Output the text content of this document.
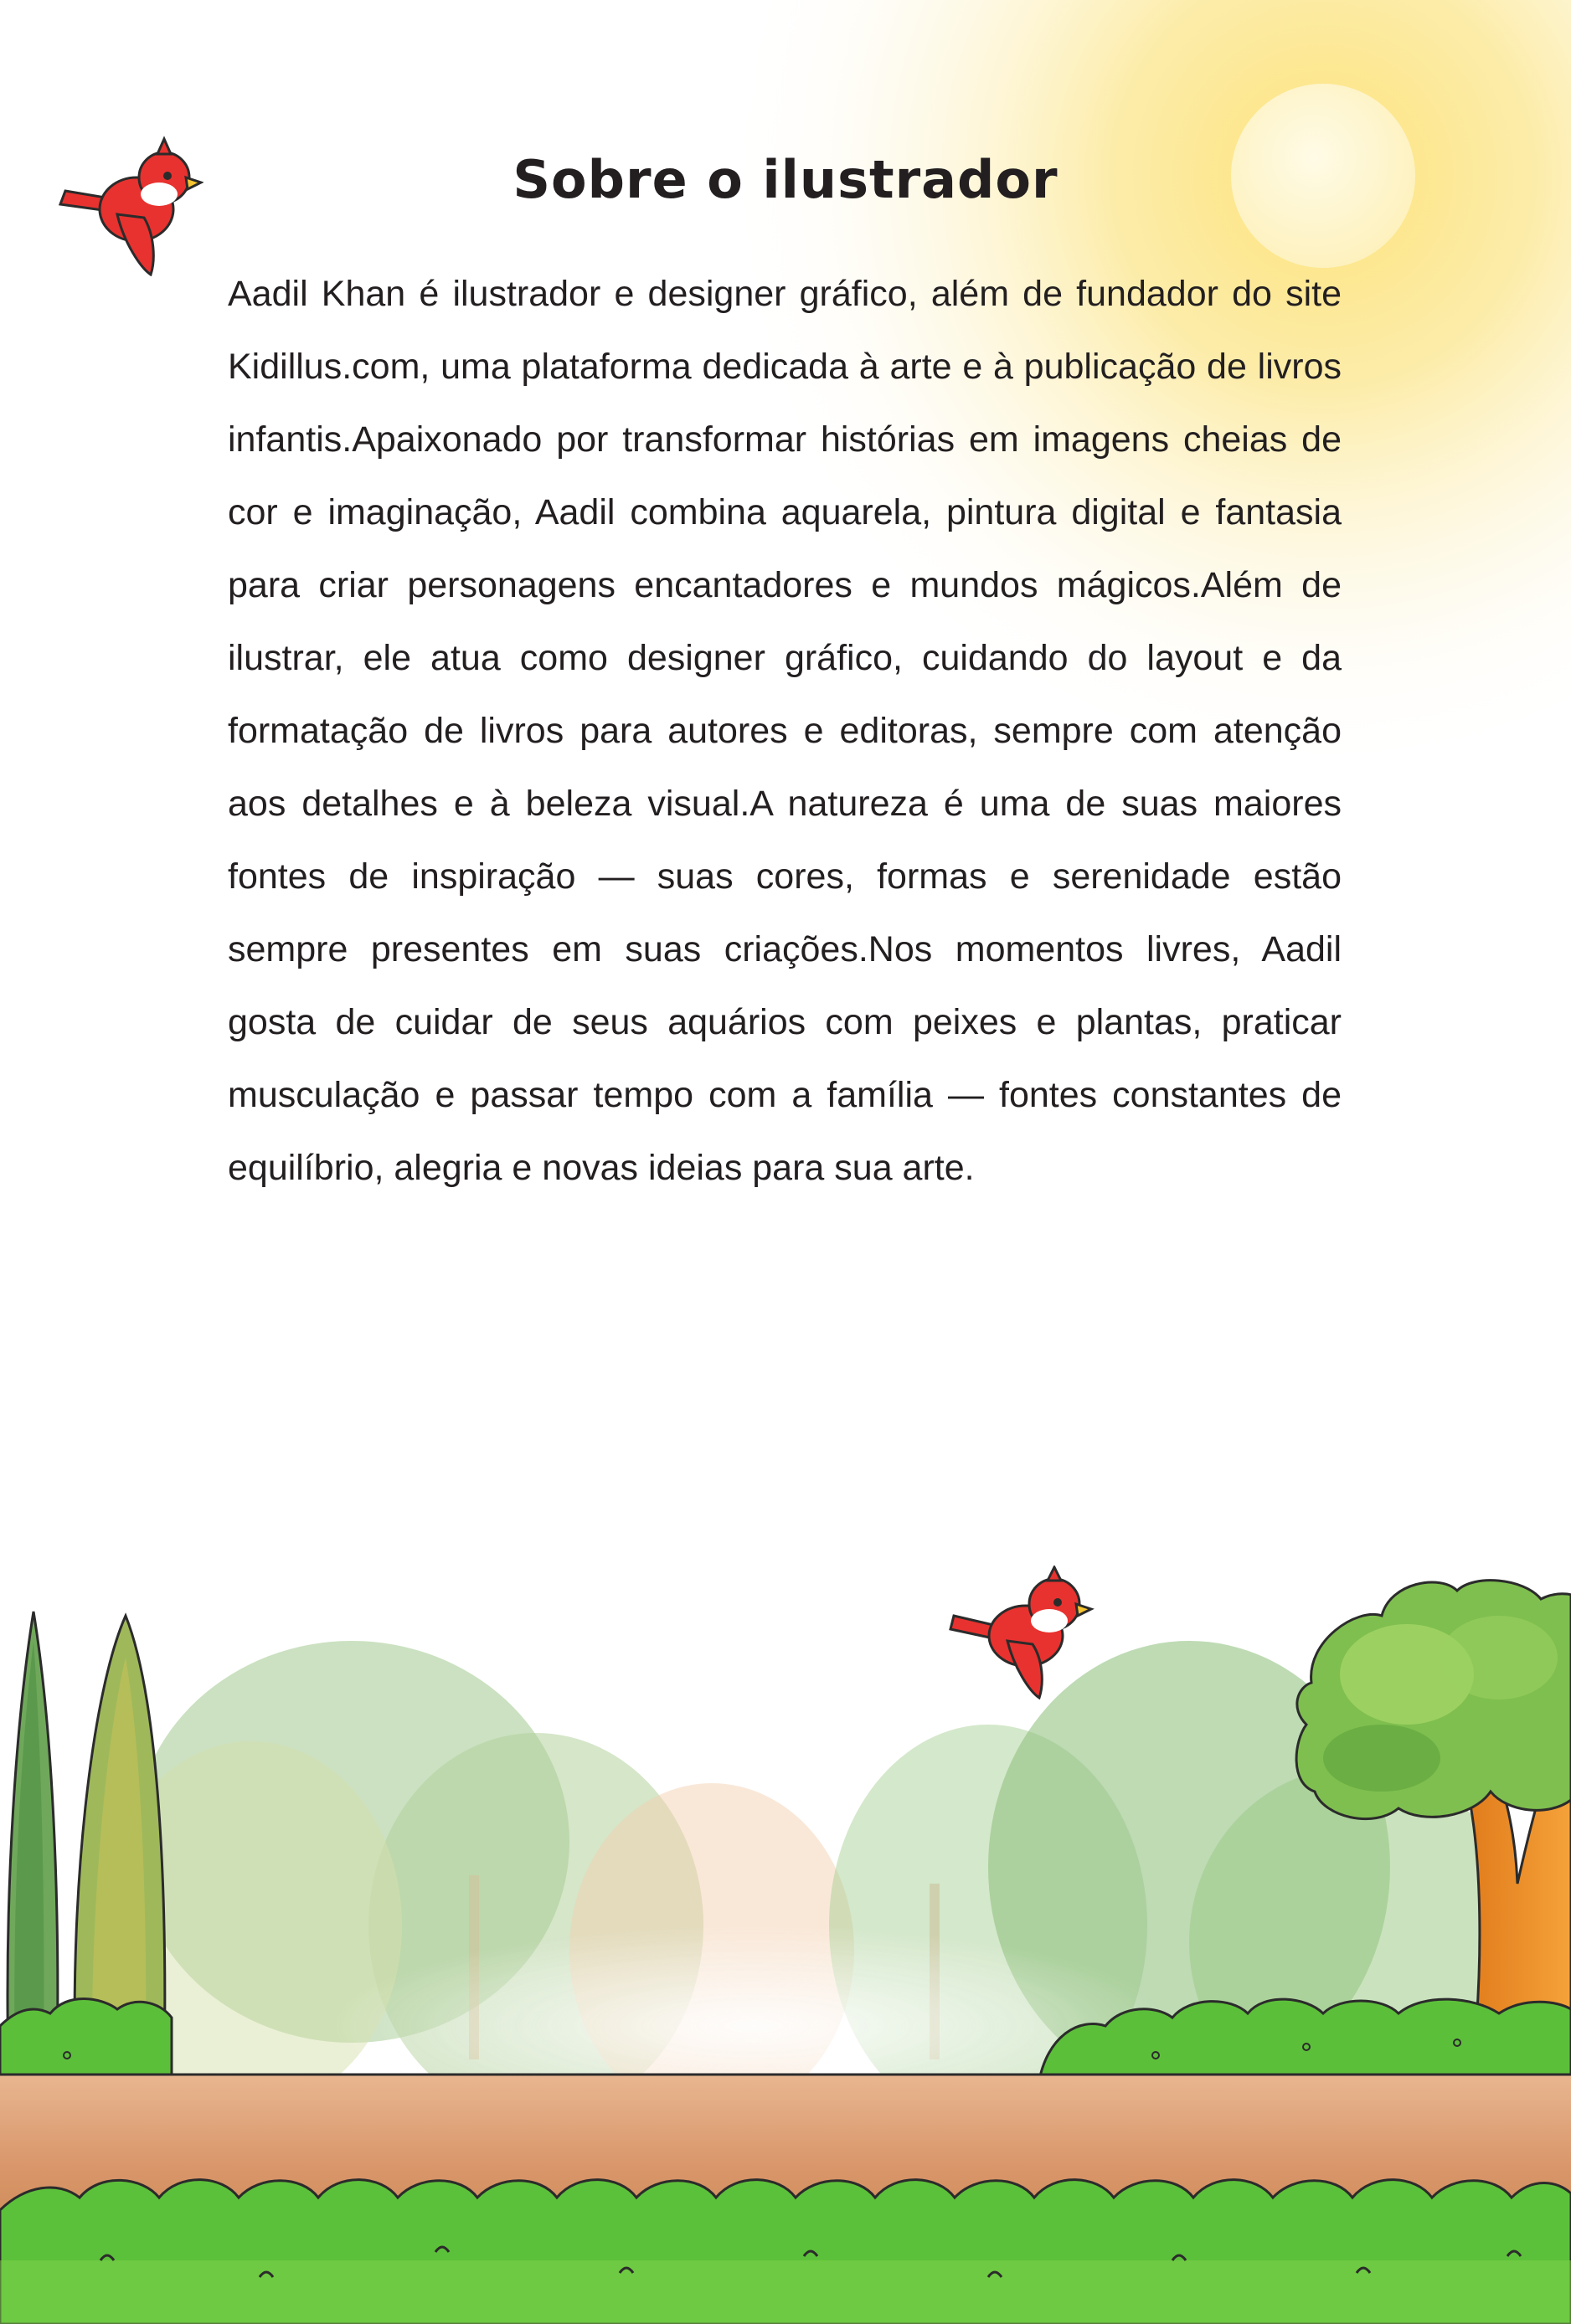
Sobre o ilustrador

Aadil Khan é ilustrador e designer gráfico, além de fundador do site Kidillus.com, uma plataforma dedicada à arte e à publicação de livros infantis.Apaixonado por transformar histórias em imagens cheias de cor e imaginação, Aadil combina aquarela, pintura digital e fantasia para criar personagens encantadores e mundos mágicos.Além de ilustrar, ele atua como designer gráfico, cuidando do layout e da formatação de livros para autores e editoras, sempre com atenção aos detalhes e à beleza visual.A natureza é uma de suas maiores fontes de inspiração — suas cores, formas e serenidade estão sempre presentes em suas criações.Nos momentos livres, Aadil gosta de cuidar de seus aquários com peixes e plantas, praticar musculação e passar tempo com a família — fontes constantes de equilíbrio, alegria e novas ideias para sua arte.
